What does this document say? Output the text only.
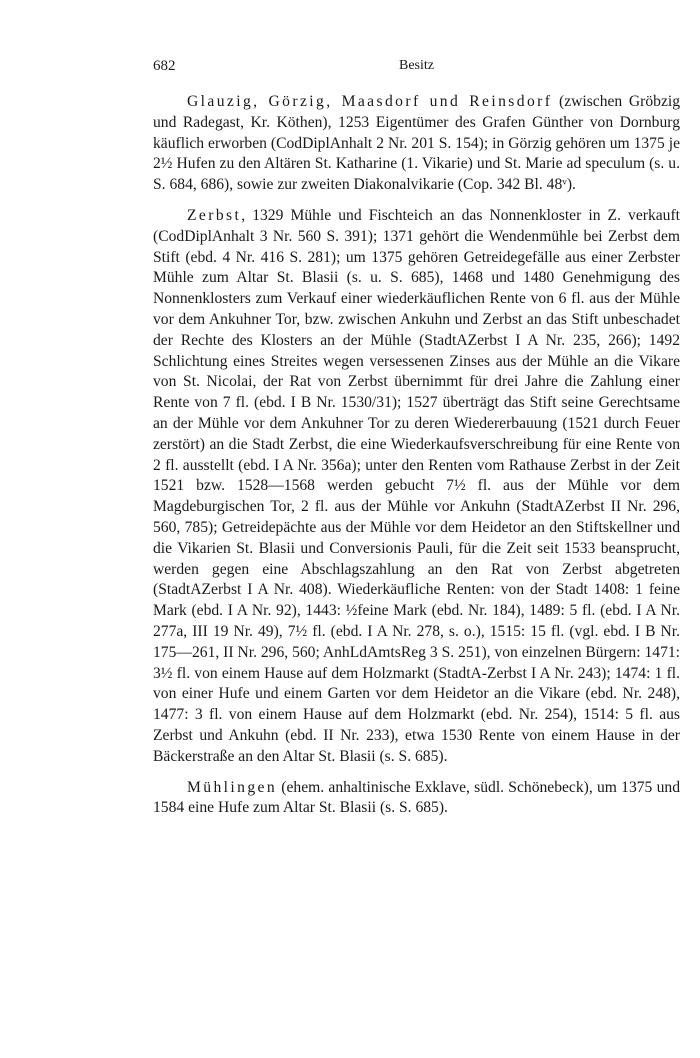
682	Besitz

Glauzig, Görzig, Maasdorf und Reinsdorf (zwischen Gröbzig und Radegast, Kr. Köthen), 1253 Eigentümer des Grafen Günther von Dornburg käuflich erworben (CodDiplAnhalt 2 Nr. 201 S. 154); in Görzig gehören um 1375 je 2½ Hufen zu den Altären St. Katharine (1. Vikarie) und St. Marie ad speculum (s. u. S. 684, 686), sowie zur zweiten Diakonalvikarie (Cop. 342 Bl. 48ᵛ).

Zerbst, 1329 Mühle und Fischteich an das Nonnenkloster in Z. verkauft (CodDiplAnhalt 3 Nr. 560 S. 391); 1371 gehört die Wendenmühle bei Zerbst dem Stift (ebd. 4 Nr. 416 S. 281); um 1375 gehören Getreidegefälle aus einer Zerbster Mühle zum Altar St. Blasii (s. u. S. 685), 1468 und 1480 Genehmigung des Nonnenklosters zum Verkauf einer wiederkäuflichen Rente von 6 fl. aus der Mühle vor dem Ankuhner Tor, bzw. zwischen Ankuhn und Zerbst an das Stift unbeschadet der Rechte des Klosters an der Mühle (StadtAZerbst I A Nr. 235, 266); 1492 Schlichtung eines Streites wegen versessenen Zinses aus der Mühle an die Vikare von St. Nicolai, der Rat von Zerbst übernimmt für drei Jahre die Zahlung einer Rente von 7 fl. (ebd. I B Nr. 1530/31); 1527 überträgt das Stift seine Gerechtsame an der Mühle vor dem Ankuhner Tor zu deren Wiedererbauung (1521 durch Feuer zerstört) an die Stadt Zerbst, die eine Wiederkaufsverschreibung für eine Rente von 2 fl. ausstellt (ebd. I A Nr. 356a); unter den Renten vom Rathause Zerbst in der Zeit 1521 bzw. 1528—1568 werden gebucht 7½ fl. aus der Mühle vor dem Magdeburgischen Tor, 2 fl. aus der Mühle vor Ankuhn (StadtAZerbst II Nr. 296, 560, 785); Getreidepächte aus der Mühle vor dem Heidetor an den Stiftskellner und die Vikarien St. Blasii und Conversionis Pauli, für die Zeit seit 1533 beansprucht, werden gegen eine Abschlagszahlung an den Rat von Zerbst abgetreten (StadtAZerbst I A Nr. 408). Wiederkäufliche Renten: von der Stadt 1408: 1 feine Mark (ebd. I A Nr. 92), 1443: ½feine Mark (ebd. Nr. 184), 1489: 5 fl. (ebd. I A Nr. 277a, III 19 Nr. 49), 7½ fl. (ebd. I A Nr. 278, s. o.), 1515: 15 fl. (vgl. ebd. I B Nr. 175—261, II Nr. 296, 560; AnhLdAmtsReg 3 S. 251), von einzelnen Bürgern: 1471: 3½ fl. von einem Hause auf dem Holzmarkt (StadtA-Zerbst I A Nr. 243); 1474: 1 fl. von einer Hufe und einem Garten vor dem Heidetor an die Vikare (ebd. Nr. 248), 1477: 3 fl. von einem Hause auf dem Holzmarkt (ebd. Nr. 254), 1514: 5 fl. aus Zerbst und Ankuhn (ebd. II Nr. 233), etwa 1530 Rente von einem Hause in der Bäckerstraße an den Altar St. Blasii (s. S. 685).

Mühlingen (ehem. anhaltinische Exklave, südl. Schönebeck), um 1375 und 1584 eine Hufe zum Altar St. Blasii (s. S. 685).
